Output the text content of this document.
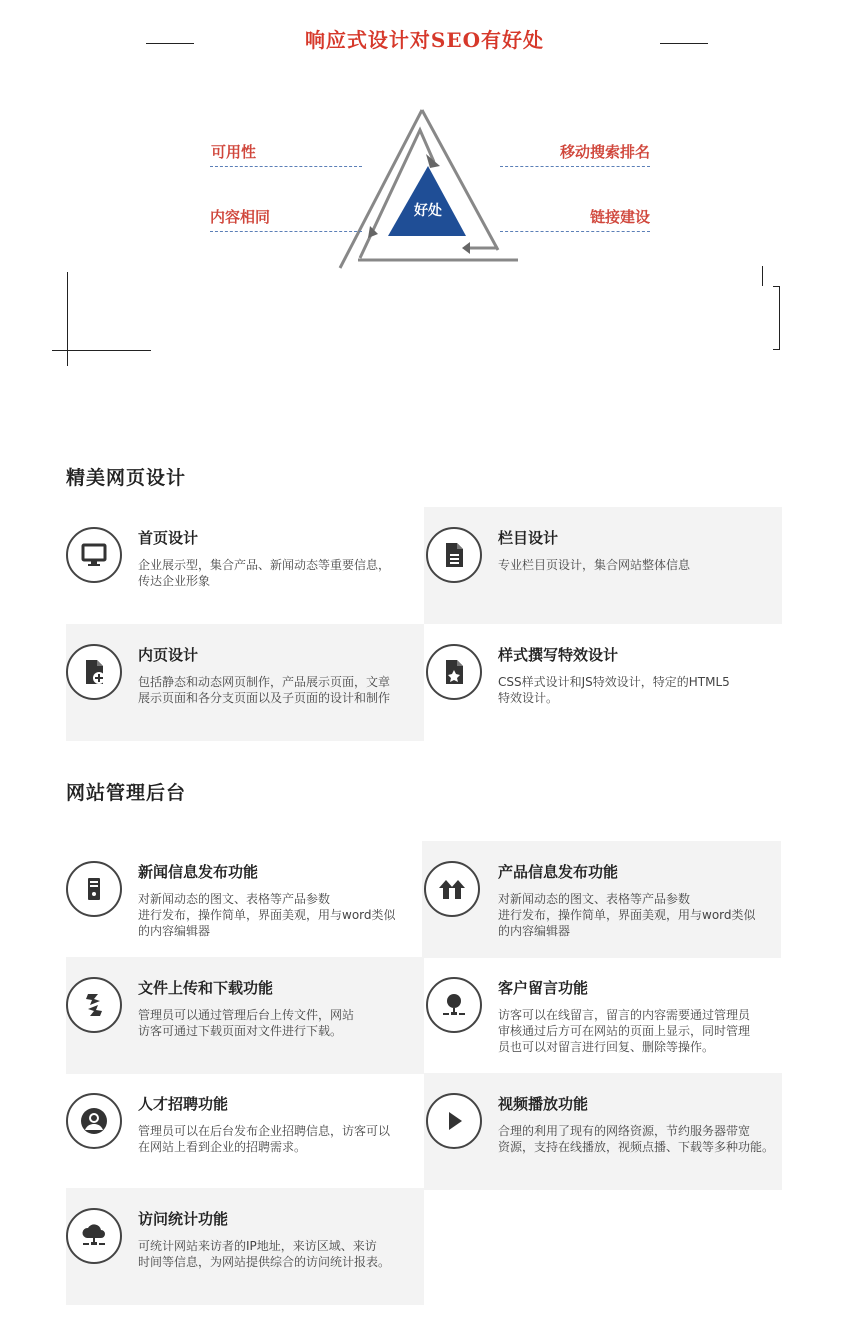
响应式设计对SEO有好处
好处
可用性
内容相同
移动搜索排名
链接建设
精美网页设计
首页设计
企业展示型，集合产品、新闻动态等重要信息，
传达企业形象
栏目设计
专业栏目页设计，集合网站整体信息
内页设计
包括静态和动态网页制作，产品展示页面，文章
展示页面和各分支页面以及子页面的设计和制作
样式撰写特效设计
CSS样式设计和JS特效设计，特定的HTML5
特效设计。
网站管理后台
新闻信息发布功能
对新闻动态的图文、表格等产品参数
进行发布，操作简单，界面美观，用与word类似
的内容编辑器
产品信息发布功能
对新闻动态的图文、表格等产品参数
进行发布，操作简单，界面美观，用与word类似
的内容编辑器
文件上传和下载功能
管理员可以通过管理后台上传文件，网站
访客可通过下载页面对文件进行下载。
客户留言功能
访客可以在线留言，留言的内容需要通过管理员
审核通过后方可在网站的页面上显示，同时管理
员也可以对留言进行回复、删除等操作。
人才招聘功能
管理员可以在后台发布企业招聘信息，访客可以
在网站上看到企业的招聘需求。
视频播放功能
合理的利用了现有的网络资源，节约服务器带宽
资源，支持在线播放，视频点播、下载等多种功能。
访问统计功能
可统计网站来访者的IP地址，来访区域、来访
时间等信息，为网站提供综合的访问统计报表。
